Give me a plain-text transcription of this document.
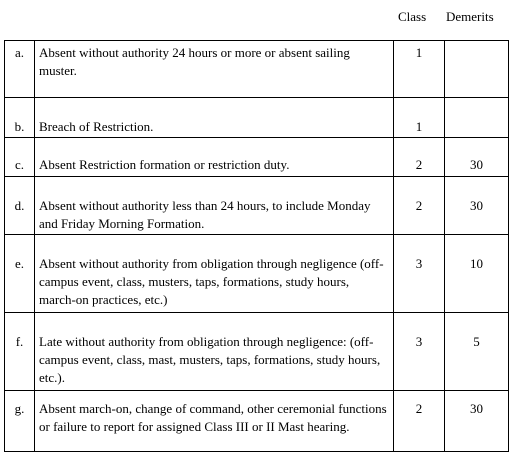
Class Demerits
a.	Absent without authority 24 hours or more or absent sailing muster.	1	
b.	Breach of Restriction.	1	
c.	Absent Restriction formation or restriction duty.	2	30
d.	Absent without authority less than 24 hours, to include Monday and Friday Morning Formation.	2	30
e.	Absent without authority from obligation through negligence (off-campus event, class, musters, taps, formations, study hours, march-on practices, etc.)	3	10
f.	Late without authority from obligation through negligence: (off-campus event, class, mast, musters, taps, formations, study hours, etc.).	3	5
g.	Absent march-on, change of command, other ceremonial functions or failure to report for assigned Class III or II Mast hearing.	2	30
